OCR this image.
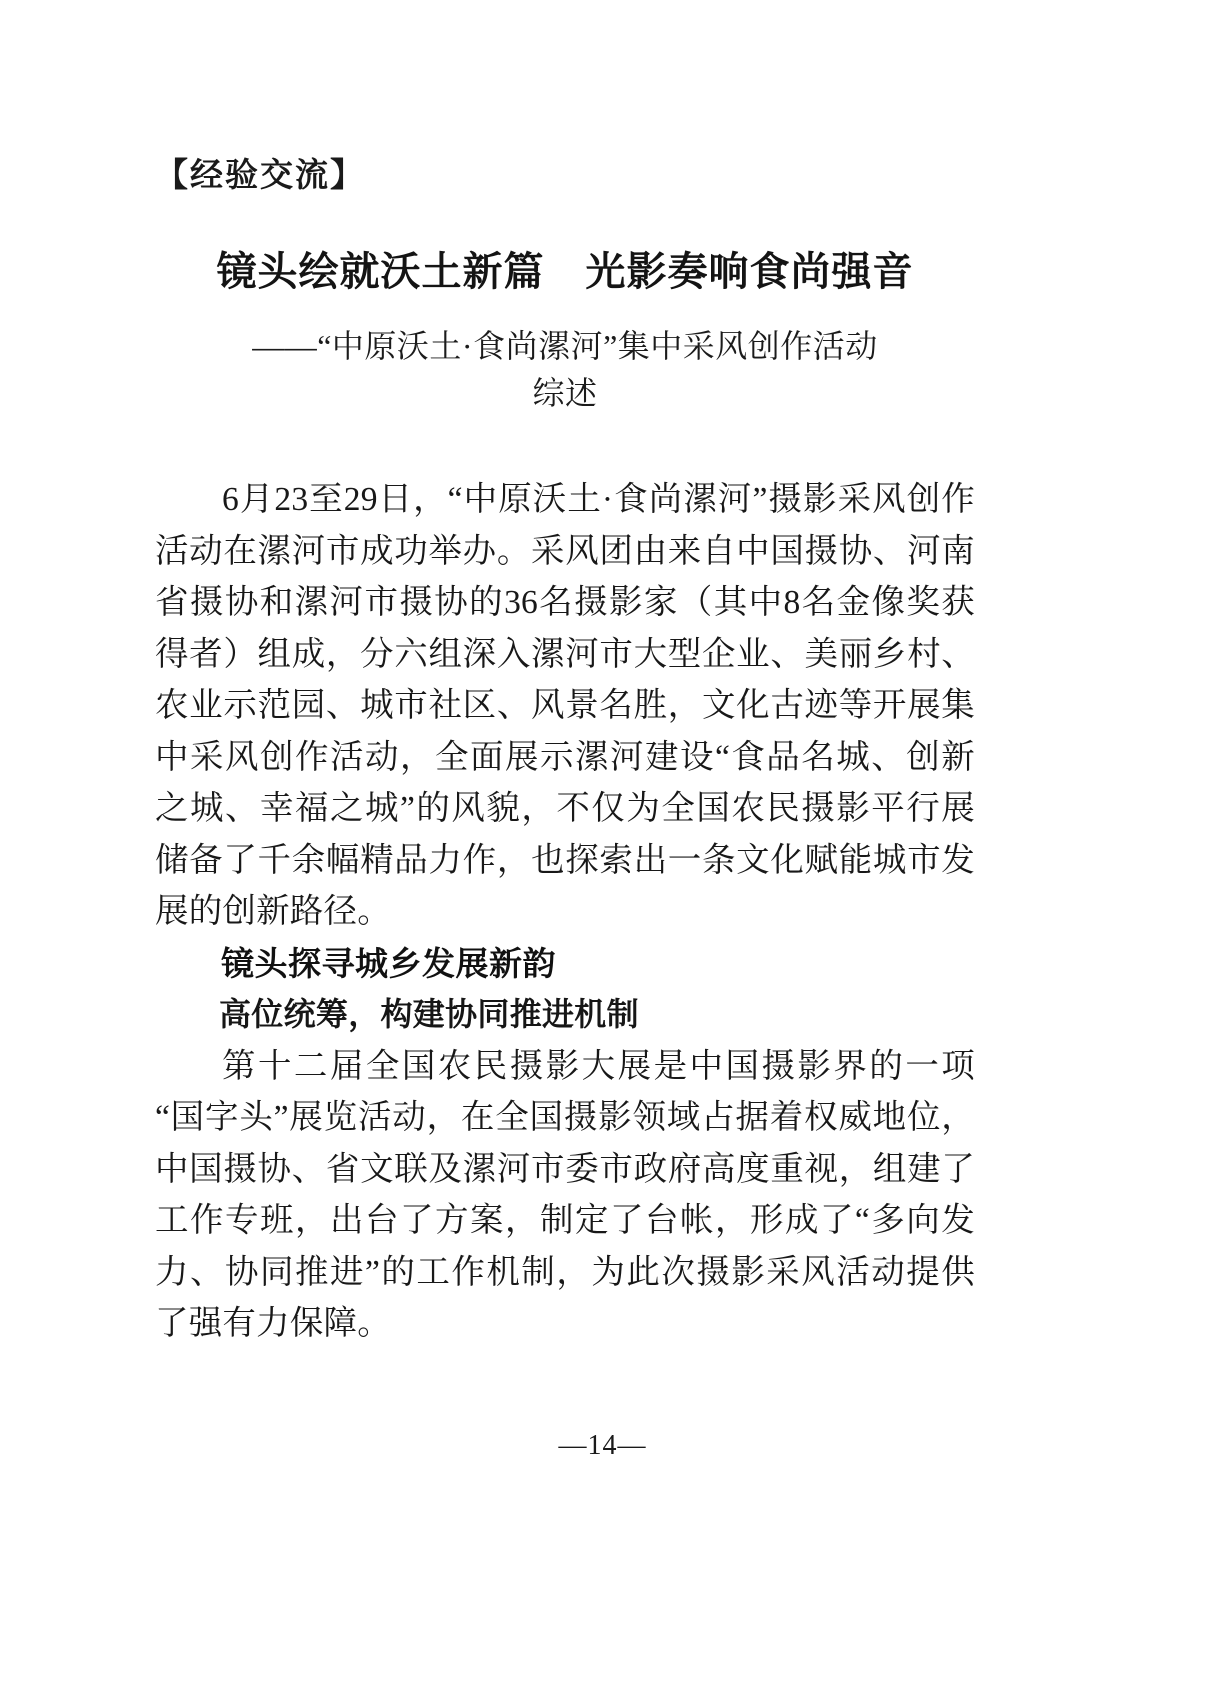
【经验交流】
镜头绘就沃土新篇　光影奏响食尚强音
——“中原沃土·食尚漯河”集中采风创作活动
综述

6月23至29日，“中原沃土·食尚漯河”摄影采风创作活动在漯河市成功举办。采风团由来自中国摄协、河南省摄协和漯河市摄协的36名摄影家（其中8名金像奖获得者）组成，分六组深入漯河市大型企业、美丽乡村、农业示范园、城市社区、风景名胜，文化古迹等开展集中采风创作活动，全面展示漯河建设“食品名城、创新之城、幸福之城”的风貌，不仅为全国农民摄影平行展储备了千余幅精品力作，也探索出一条文化赋能城市发展的创新路径。

镜头探寻城乡发展新韵

高位统筹，构建协同推进机制

第十二届全国农民摄影大展是中国摄影界的一项“国字头”展览活动，在全国摄影领域占据着权威地位，中国摄协、省文联及漯河市委市政府高度重视，组建了工作专班，出台了方案，制定了台帐，形成了“多向发力、协同推进”的工作机制，为此次摄影采风活动提供了强有力保障。

—14—
